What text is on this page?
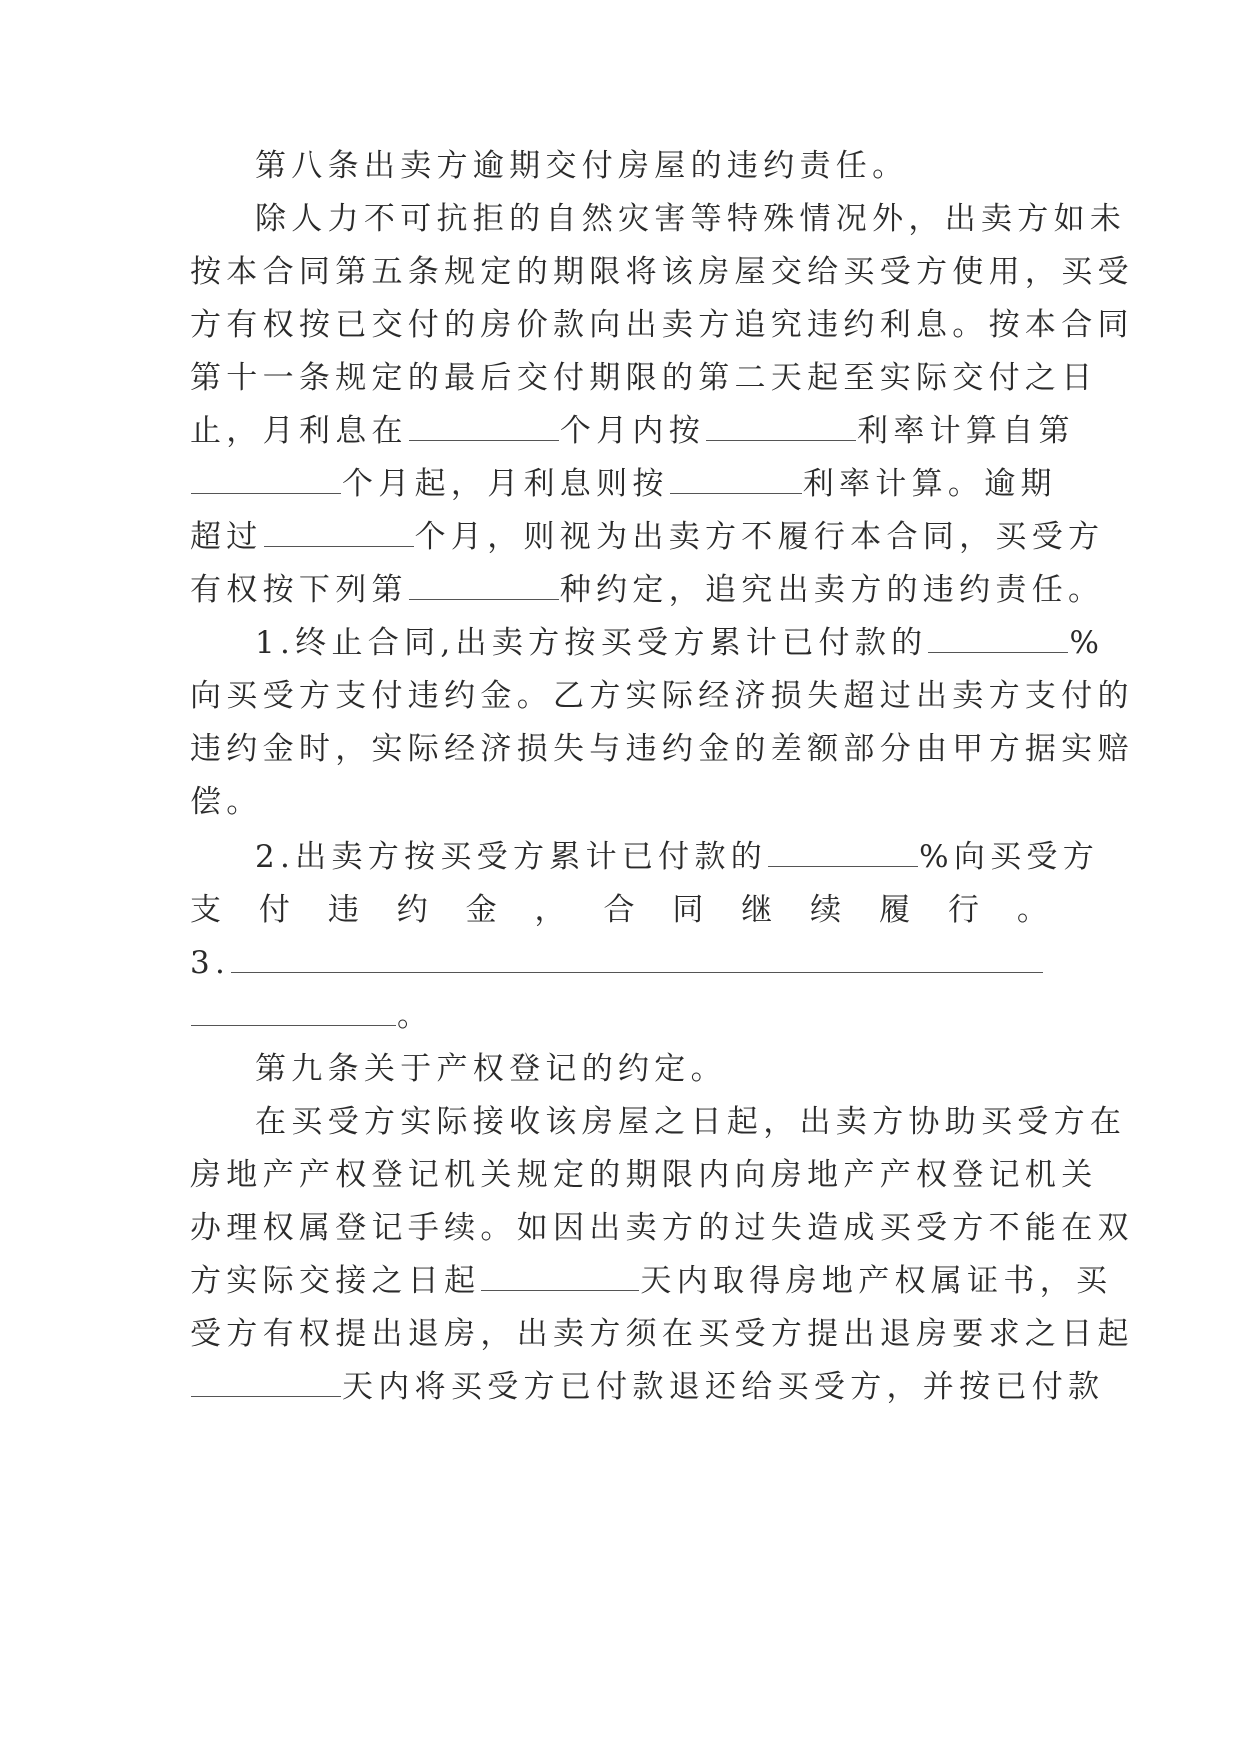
第八条出卖方逾期交付房屋的违约责任。
除人力不可抗拒的自然灾害等特殊情况外，出卖方如未
按本合同第五条规定的期限将该房屋交给买受方使用，买受
方有权按已交付的房价款向出卖方追究违约利息。按本合同
第十一条规定的最后交付期限的第二天起至实际交付之日
止，月利息在	个月内按	利率计算自第
个月起，月利息则按	利率计算。逾期
超过	个月，则视为出卖方不履行本合同，买受方
有权按下列第	种约定，追究出卖方的违约责任。
1.终止合同,出卖方按买受方累计已付款的	%
向买受方支付违约金。乙方实际经济损失超过出卖方支付的
违约金时，实际经济损失与违约金的差额部分由甲方据实赔
偿。
2.出卖方按买受方累计已付款的	%向买受方
支 付 违 约 金 ， 合 同 继 续 履 行 。
3.
。
第九条关于产权登记的约定。
在买受方实际接收该房屋之日起，出卖方协助买受方在
房地产产权登记机关规定的期限内向房地产产权登记机关
办理权属登记手续。如因出卖方的过失造成买受方不能在双
方实际交接之日起	天内取得房地产权属证书，买
受方有权提出退房，出卖方须在买受方提出退房要求之日起
天内将买受方已付款退还给买受方，并按已付款
